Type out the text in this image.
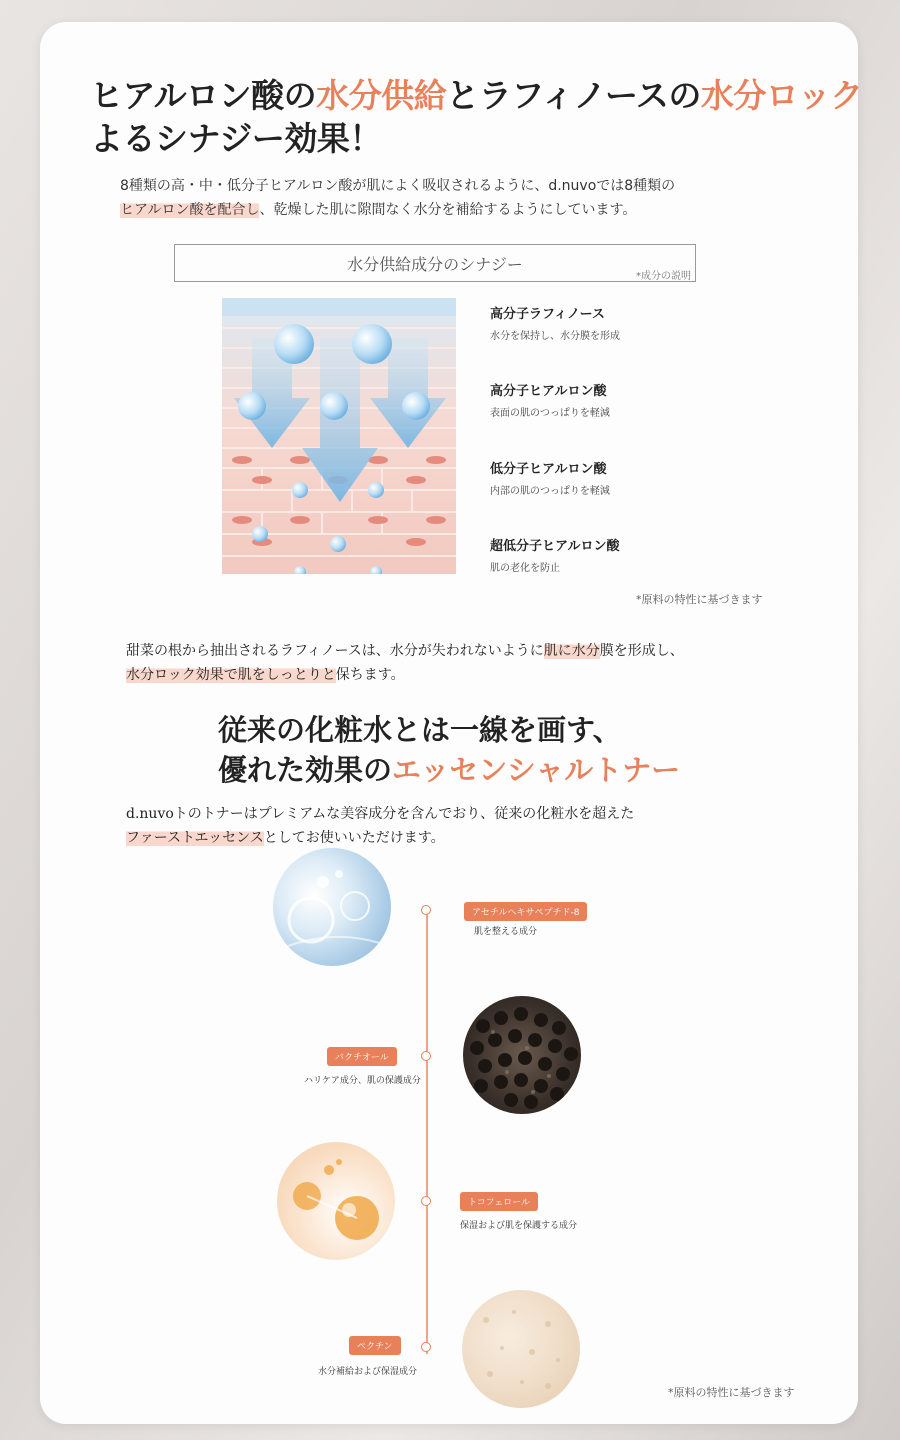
ヒアルロン酸の水分供給とラフィノースの水分ロック
よるシナジー効果！
8種類の高・中・低分子ヒアルロン酸が肌によく吸収されるように、d.nuvoでは8種類の
ヒアルロン酸を配合し、乾燥した肌に隙間なく水分を補給するようにしています。
水分供給成分のシナジー
*成分の説明
高分子ラフィノース
水分を保持し、水分膜を形成
高分子ヒアルロン酸
表面の肌のつっぱりを軽減
低分子ヒアルロン酸
内部の肌のつっぱりを軽減
超低分子ヒアルロン酸
肌の老化を防止
*原料の特性に基づきます
甜菜の根から抽出されるラフィノースは、水分が失われないように肌に水分膜を形成し、
水分ロック効果で肌をしっとりと保ちます。
従来の化粧水とは一線を画す、
優れた効果のエッセンシャルトナー
d.nuvoトのトナーはプレミアムな美容成分を含んでおり、従来の化粧水を超えた
ファーストエッセンスとしてお使いいただけます。
アセチルヘキサペプチド-8
肌を整える成分
バクチオール
ハリケア成分、肌の保護成分
トコフェロール
保湿および肌を保護する成分
ペクチン
水分補給および保湿成分
*原料の特性に基づきます
